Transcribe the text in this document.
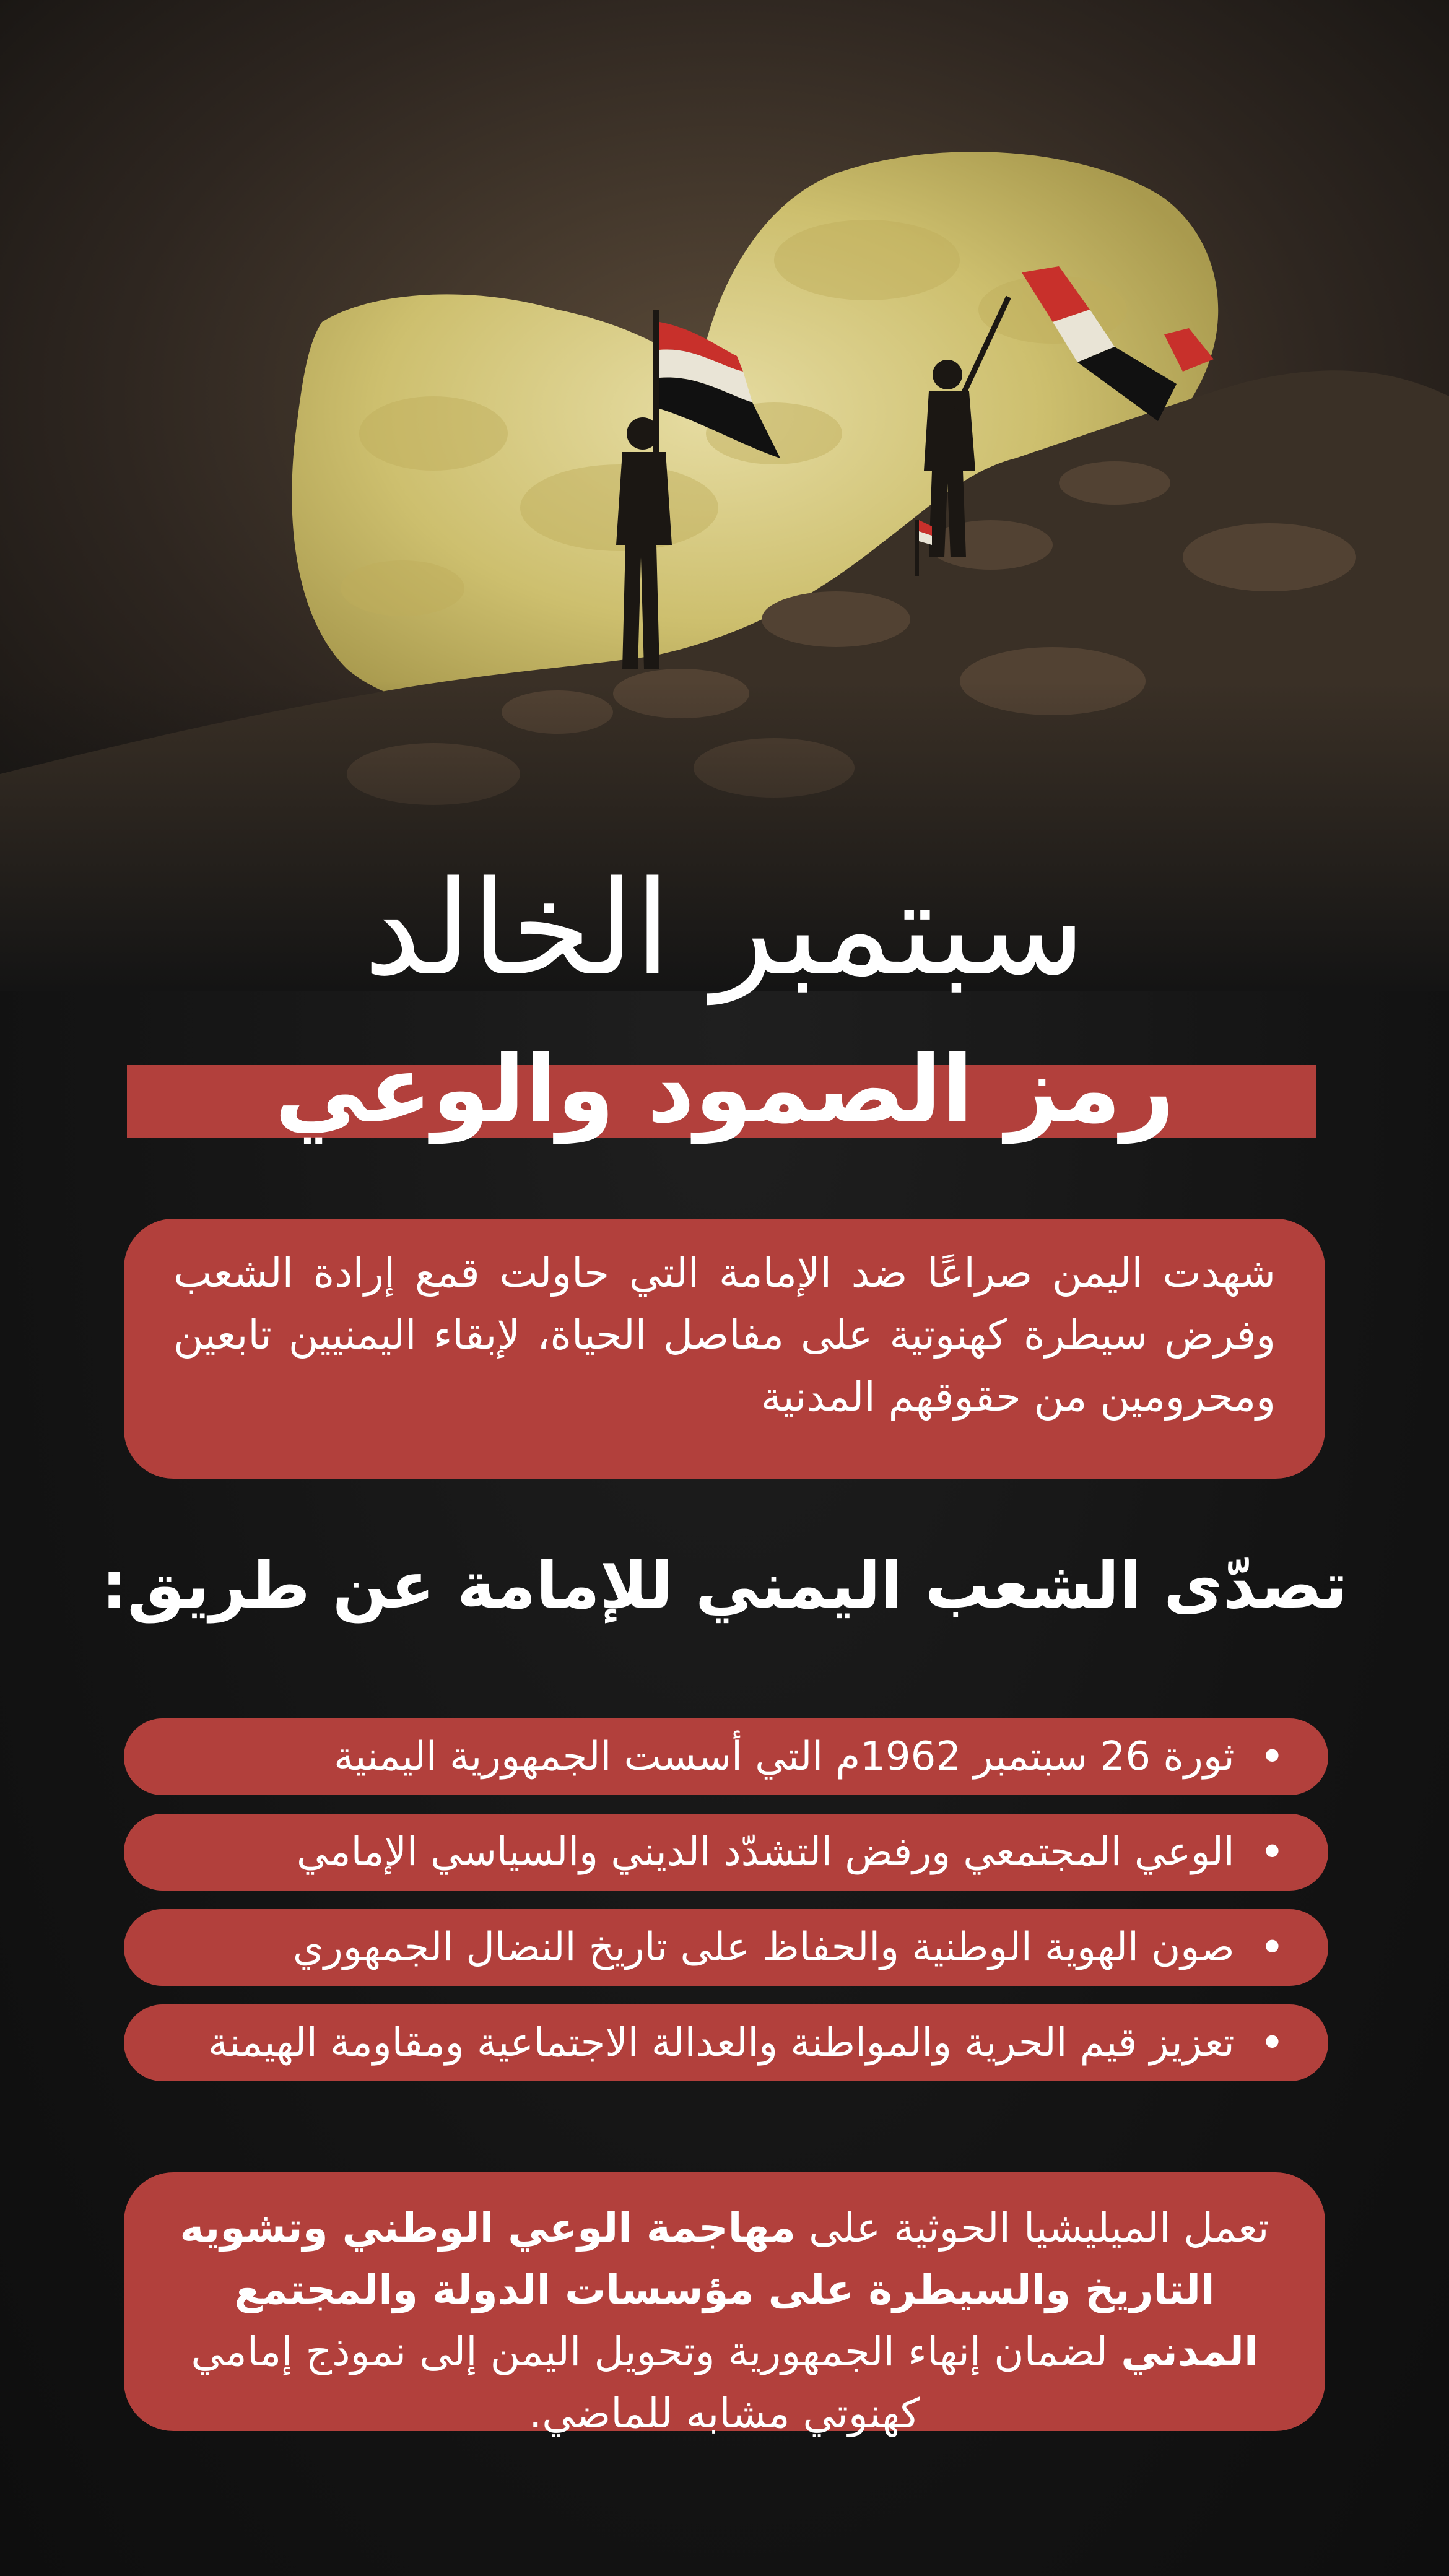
سبتمبر الخالد
رمز الصمود والوعي

شهدت اليمن صراعًا ضد الإمامة التي حاولت قمع إرادة الشعب وفرض سيطرة كهنوتية على مفاصل الحياة، لإبقاء اليمنيين تابعين ومحرومين من حقوقهم المدنية

تصدّى الشعب اليمني للإمامة عن طريق:
•
ثورة 26 سبتمبر 1962م التي أسست الجمهورية اليمنية
•
الوعي المجتمعي ورفض التشدّد الديني والسياسي الإمامي
•
صون الهوية الوطنية والحفاظ على تاريخ النضال الجمهوري
•
تعزيز قيم الحرية والمواطنة والعدالة الاجتماعية ومقاومة الهيمنة

تعمل الميليشيا الحوثية على مهاجمة الوعي الوطني وتشويه التاريخ والسيطرة على مؤسسات الدولة والمجتمع المدني لضمان إنهاء الجمهورية وتحويل اليمن إلى نموذج إمامي كهنوتي مشابه للماضي.
